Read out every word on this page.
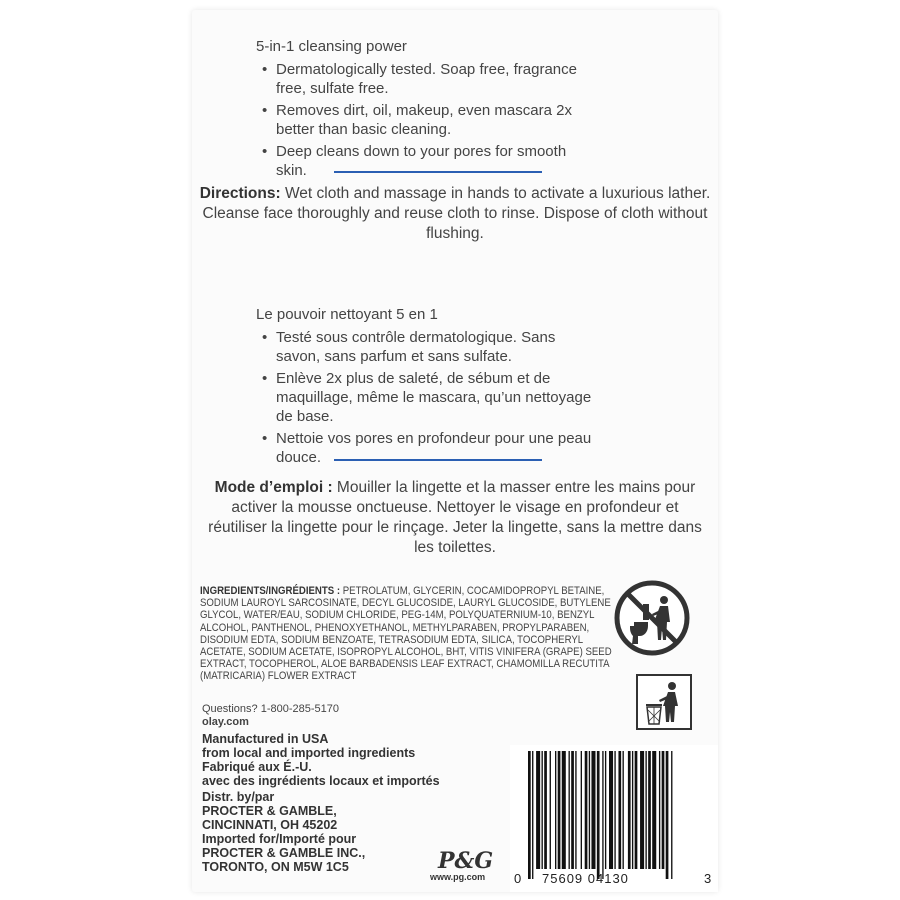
5-in-1 cleansing power
• Dermatologically tested. Soap free, fragrance free, sulfate free.
• Removes dirt, oil, makeup, even mascara 2x better than basic cleaning.
• Deep cleans down to your pores for smooth skin.
Directions: Wet cloth and massage in hands to activate a luxurious lather. Cleanse face thoroughly and reuse cloth to rinse. Dispose of cloth without flushing.
Le pouvoir nettoyant 5 en 1
• Testé sous contrôle dermatologique. Sans savon, sans parfum et sans sulfate.
• Enlève 2x plus de saleté, de sébum et de maquillage, même le mascara, qu’un nettoyage de base.
• Nettoie vos pores en profondeur pour une peau douce.
Mode d’emploi : Mouiller la lingette et la masser entre les mains pour activer la mousse onctueuse. Nettoyer le visage en profondeur et réutiliser la lingette pour le rinçage. Jeter la lingette, sans la mettre dans les toilettes.
INGREDIENTS/INGRÉDIENTS : PETROLATUM, GLYCERIN, COCAMIDOPROPYL BETAINE, SODIUM LAUROYL SARCOSINATE, DECYL GLUCOSIDE, LAURYL GLUCOSIDE, BUTYLENE GLYCOL, WATER/EAU, SODIUM CHLORIDE, PEG-14M, POLYQUATERNIUM-10, BENZYL ALCOHOL, PANTHENOL, PHENOXYETHANOL, METHYLPARABEN, PROPYLPARABEN, DISODIUM EDTA, SODIUM BENZOATE, TETRASODIUM EDTA, SILICA, TOCOPHERYL ACETATE, SODIUM ACETATE, ISOPROPYL ALCOHOL, BHT, VITIS VINIFERA (GRAPE) SEED EXTRACT, TOCOPHEROL, ALOE BARBADENSIS LEAF EXTRACT, CHAMOMILLA RECUTITA (MATRICARIA) FLOWER EXTRACT
Questions? 1-800-285-5170
olay.com
Manufactured in USA
from local and imported ingredients
Fabriqué aux É.-U.
avec des ingrédients locaux et importés
Distr. by/par
PROCTER & GAMBLE,
CINCINNATI, OH 45202
Imported for/Importé pour
PROCTER & GAMBLE INC.,
TORONTO, ON M5W 1C5	P&G
www.pg.com 0 75609 04130	3
